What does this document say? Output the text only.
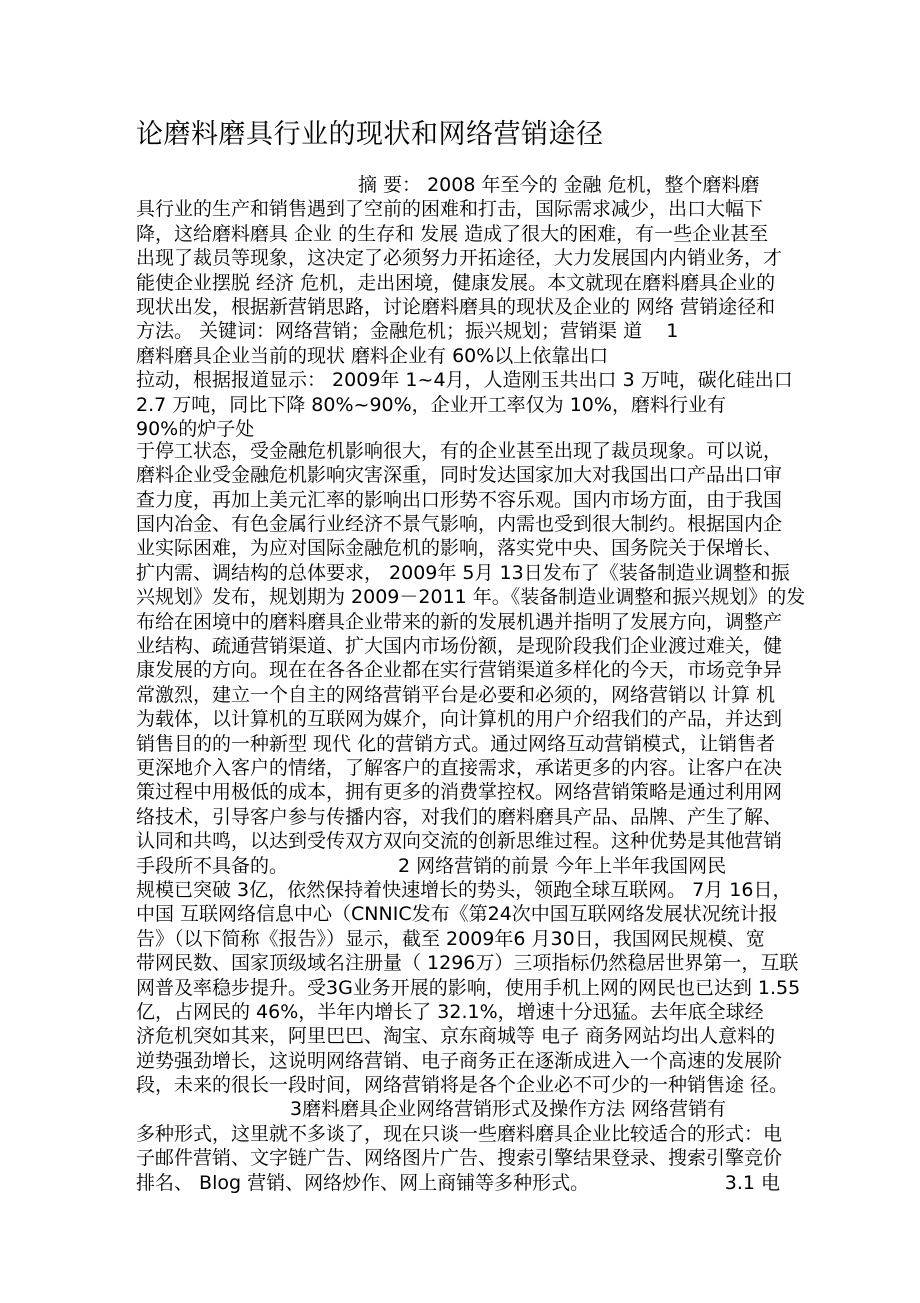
论磨料磨具行业的现状和网络营销途径
摘 要： 2008 年至今的 金融 危机，整个磨料磨
具行业的生产和销售遇到了空前的困难和打击，国际需求减少，出口大幅下
降，这给磨料磨具 企业 的生存和 发展 造成了很大的困难，有一些企业甚至
出现了裁员等现象，这决定了必须努力开拓途径，大力发展国内内销业务，才
能使企业摆脱 经济 危机，走出困境，健康发展。本文就现在磨料磨具企业的
现状出发，根据新营销思路，讨论磨料磨具的现状及企业的 网络 营销途径和
方法。 关键词：网络营销；金融危机；振兴规划；营销渠 道    1
磨料磨具企业当前的现状 磨料企业有 60%以上依靠出口
拉动，根据报道显示： 2009年 1~4月，人造刚玉共出口 3 万吨，碳化硅出口
2.7 万吨，同比下降 80%~90%，企业开工率仅为 10%，磨料行业有
90%的炉子处
于停工状态，受金融危机影响很大，有的企业甚至出现了裁员现象。可以说，
磨料企业受金融危机影响灾害深重，同时发达国家加大对我国出口产品出口审
查力度，再加上美元汇率的影响出口形势不容乐观。国内市场方面，由于我国
国内冶金、有色金属行业经济不景气影响，内需也受到很大制约。根据国内企
业实际困难，为应对国际金融危机的影响，落实党中央、国务院关于保增长、
扩内需、调结构的总体要求， 2009年 5月 13日发布了《装备制造业调整和振
兴规划》发布，规划期为 2009－2011 年。《装备制造业调整和振兴规划》的发
布给在困境中的磨料磨具企业带来的新的发展机遇并指明了发展方向，调整产
业结构、疏通营销渠道、扩大国内市场份额，是现阶段我们企业渡过难关，健
康发展的方向。现在在各各企业都在实行营销渠道多样化的今天，市场竞争异
常激烈，建立一个自主的网络营销平台是必要和必须的，网络营销以 计算 机
为载体，以计算机的互联网为媒介，向计算机的用户介绍我们的产品，并达到
销售目的的一种新型 现代 化的营销方式。通过网络互动营销模式，让销售者
更深地介入客户的情绪，了解客户的直接需求，承诺更多的内容。让客户在决
策过程中用极低的成本，拥有更多的消费掌控权。网络营销策略是通过利用网
络技术，引导客户参与传播内容，对我们的磨料磨具产品、品牌、产生了解、
认同和共鸣，以达到受传双方双向交流的创新思维过程。这种优势是其他营销
手段所不具备的。	2 网络营销的前景 今年上半年我国网民
规模已突破 3亿，依然保持着快速增长的势头，领跑全球互联网。 7月 16日，
中国 互联网络信息中心（CNNIC发布《第24次中国互联网络发展状况统计报
告》（以下简称《报告》）显示，截至 2009年6 月30日，我国网民规模、宽
带网民数、国家顶级域名注册量（ 1296万）三项指标仍然稳居世界第一，互联
网普及率稳步提升。受3G业务开展的影响，使用手机上网的网民也已达到 1.55
亿，占网民的 46%，半年内增长了 32.1%，增速十分迅猛。去年底全球经
济危机突如其来，阿里巴巴、淘宝、京东商城等 电子 商务网站均出人意料的
逆势强劲增长，这说明网络营销、电子商务正在逐渐成进入一个高速的发展阶
段，未来的很长一段时间，网络营销将是各个企业必不可少的一种销售途 径。
3磨料磨具企业网络营销形式及操作方法 网络营销有
多种形式，这里就不多谈了，现在只谈一些磨料磨具企业比较适合的形式：电
子邮件营销、文字链广告、网络图片广告、搜索引擎结果登录、搜索引擎竞价
排名、 Blog 营销、网络炒作、网上商铺等多种形式。	3.1 电
